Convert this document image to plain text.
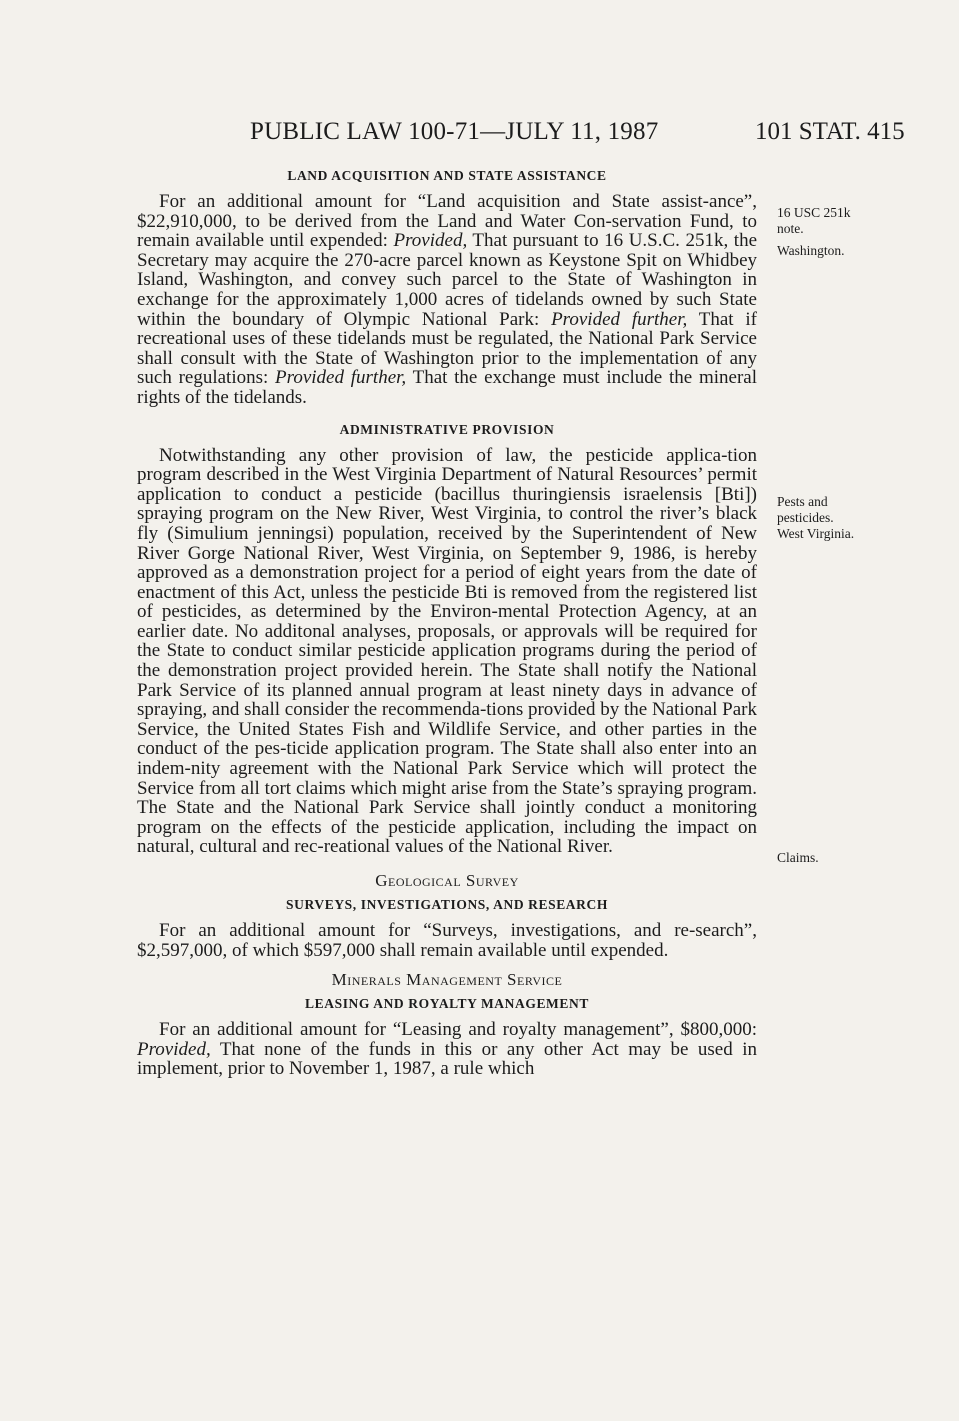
PUBLIC LAW 100-71—JULY 11, 1987	101 STAT. 415
LAND ACQUISITION AND STATE ASSISTANCE

For an additional amount for “Land acquisition and State assist-ance”, $22,910,000, to be derived from the Land and Water Con-servation Fund, to remain available until expended: Provided, That pursuant to 16 U.S.C. 251k, the Secretary may acquire the 270-acre parcel known as Keystone Spit on Whidbey Island, Washington, and convey such parcel to the State of Washington in exchange for the approximately 1,000 acres of tidelands owned by such State within the boundary of Olympic National Park: Provided further, That if recreational uses of these tidelands must be regulated, the National Park Service shall consult with the State of Washington prior to the implementation of any such regulations: Provided further, That the exchange must include the mineral rights of the tidelands.

ADMINISTRATIVE PROVISION

Notwithstanding any other provision of law, the pesticide applica-tion program described in the West Virginia Department of Natural Resources’ permit application to conduct a pesticide (bacillus thuringiensis israelensis [Bti]) spraying program on the New River, West Virginia, to control the river’s black fly (Simulium jenningsi) population, received by the Superintendent of New River Gorge National River, West Virginia, on September 9, 1986, is hereby approved as a demonstration project for a period of eight years from the date of enactment of this Act, unless the pesticide Bti is removed from the registered list of pesticides, as determined by the Environ-mental Protection Agency, at an earlier date. No additonal analyses, proposals, or approvals will be required for the State to conduct similar pesticide application programs during the period of the demonstration project provided herein. The State shall notify the National Park Service of its planned annual program at least ninety days in advance of spraying, and shall consider the recommenda-tions provided by the National Park Service, the United States Fish and Wildlife Service, and other parties in the conduct of the pes-ticide application program. The State shall also enter into an indem-nity agreement with the National Park Service which will protect the Service from all tort claims which might arise from the State’s spraying program. The State and the National Park Service shall jointly conduct a monitoring program on the effects of the pesticide application, including the impact on natural, cultural and rec-reational values of the National River.

Geological Survey
SURVEYS, INVESTIGATIONS, AND RESEARCH

For an additional amount for “Surveys, investigations, and re-search”, $2,597,000, of which $597,000 shall remain available until expended.

Minerals Management Service
LEASING AND ROYALTY MANAGEMENT

For an additional amount for “Leasing and royalty management”, $800,000: Provided, That none of the funds in this or any other Act may be used in implement, prior to November 1, 1987, a rule which

16 USC 251k

note.

Washington.

Pests and

pesticides.

West Virginia.

Claims.
